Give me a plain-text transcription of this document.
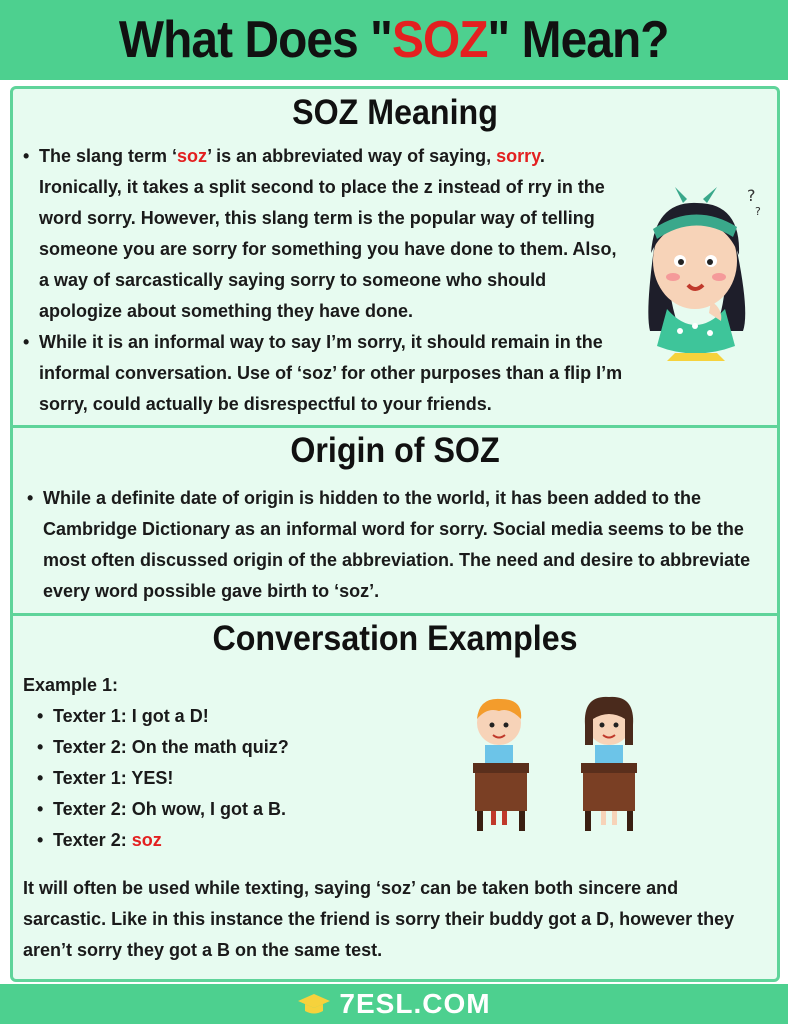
What Does "SOZ" Mean?
SOZ Meaning
• The slang term ‘soz’ is an abbreviated way of saying, sorry. Ironically, it takes a split second to place the z instead of rry in the word sorry. However, this slang term is the popular way of telling someone you are sorry for something you have done to them. Also, a way of sarcastically saying sorry to someone who should apologize about something they have done.
• While it is an informal way to say I’m sorry, it should remain in the informal conversation. Use of ‘soz’ for other purposes than a flip I’m sorry, could actually be disrespectful to your friends.
?
?
Origin of SOZ
• While a definite date of origin is hidden to the world, it has been added to the Cambridge Dictionary as an informal word for sorry. Social media seems to be the most often discussed origin of the abbreviation. The need and desire to abbreviate every word possible gave birth to ‘soz’.
Conversation Examples
Example 1:
• Texter 1: I got a D!
• Texter 2: On the math quiz?
• Texter 1: YES!
• Texter 2: Oh wow, I got a B.
• Texter 2: soz
It will often be used while texting, saying ‘soz’ can be taken both sincere and sarcastic. Like in this instance the friend is sorry their buddy got a D, however they aren’t sorry they got a B on the same test.
7ESL.COM
